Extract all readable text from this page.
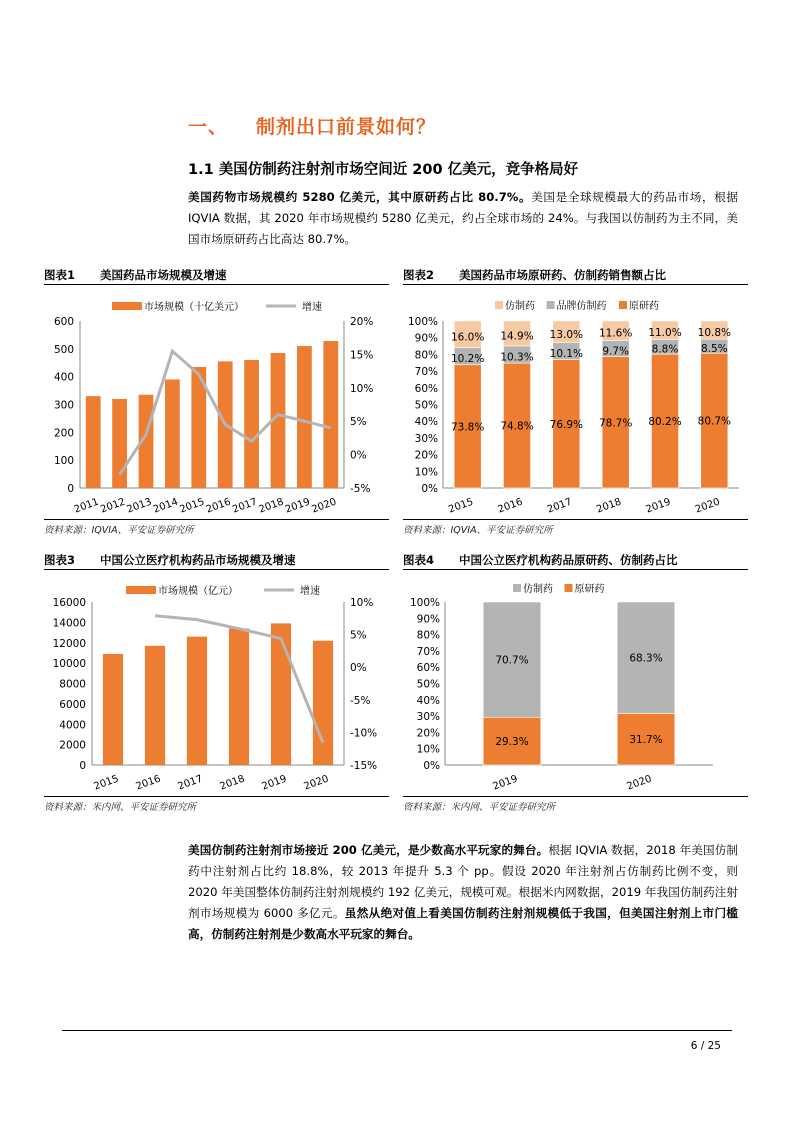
一、 制剂出口前景如何？
1.1 美国仿制药注射剂市场空间近 200 亿美元，竞争格局好
美国药物市场规模约 5280 亿美元，其中原研药占比 80.7%。美国是全球规模最大的药品市场，根据 IQVIA 数据，其 2020 年市场规模约 5280 亿美元，约占全球市场的 24%。与我国以仿制药为主不同，美国市场原研药占比高达 80.7%。
图表1 美国药品市场规模及增速
0
100
200
300
400
500
600
-5%
0%
5%
10%
15%
20%
2011
2012
2013
2014
2015
2016
2017
2018
2019
2020
市场规模（十亿美元）	增速
资料来源：IQVIA、平安证券研究所
图表2 美国药品市场原研药、仿制药销售额占比
0%
10%
20%
30%
40%
50%
60%
70%
80%
90%
100%
73.8%
10.2%
16.0%
2015
74.8%
10.3%
14.9%
2016
76.9%
10.1%
13.0%
2017
78.7%
9.7%
11.6%
2018
80.2%
8.8%
11.0%
2019
80.7%
8.5%
10.8%
2020
仿制药 品牌仿制药 原研药
资料来源：IQVIA、平安证券研究所
图表3 中国公立医疗机构药品市场规模及增速
0
2000
4000
6000
8000
10000
12000
14000
16000
-15%
-10%
-5%
0%
5%
10%
2015 2016 2017 2018 2019 2020
市场规模（亿元）	增速
资料来源：米内网、平安证券研究所
图表4 中国公立医疗机构药品原研药、仿制药占比
0%
10%
20%
30%
40%
50%
60%
70%
80%
90%
100%
29.3%
70.7%
2019
31.7%
68.3%
2020
仿制药 原研药
资料来源：米内网、平安证券研究所
美国仿制药注射剂市场接近 200 亿美元，是少数高水平玩家的舞台。根据 IQVIA 数据，2018 年美国仿制药中注射剂占比约 18.8%，较 2013 年提升 5.3 个 pp。假设 2020 年注射剂占仿制药比例不变，则 2020 年美国整体仿制药注射剂规模约 192 亿美元，规模可观。根据米内网数据，2019 年我国仿制药注射剂市场规模为 6000 多亿元。虽然从绝对值上看美国仿制药注射剂规模低于我国，但美国注射剂上市门槛高，仿制药注射剂是少数高水平玩家的舞台。
6 / 25
